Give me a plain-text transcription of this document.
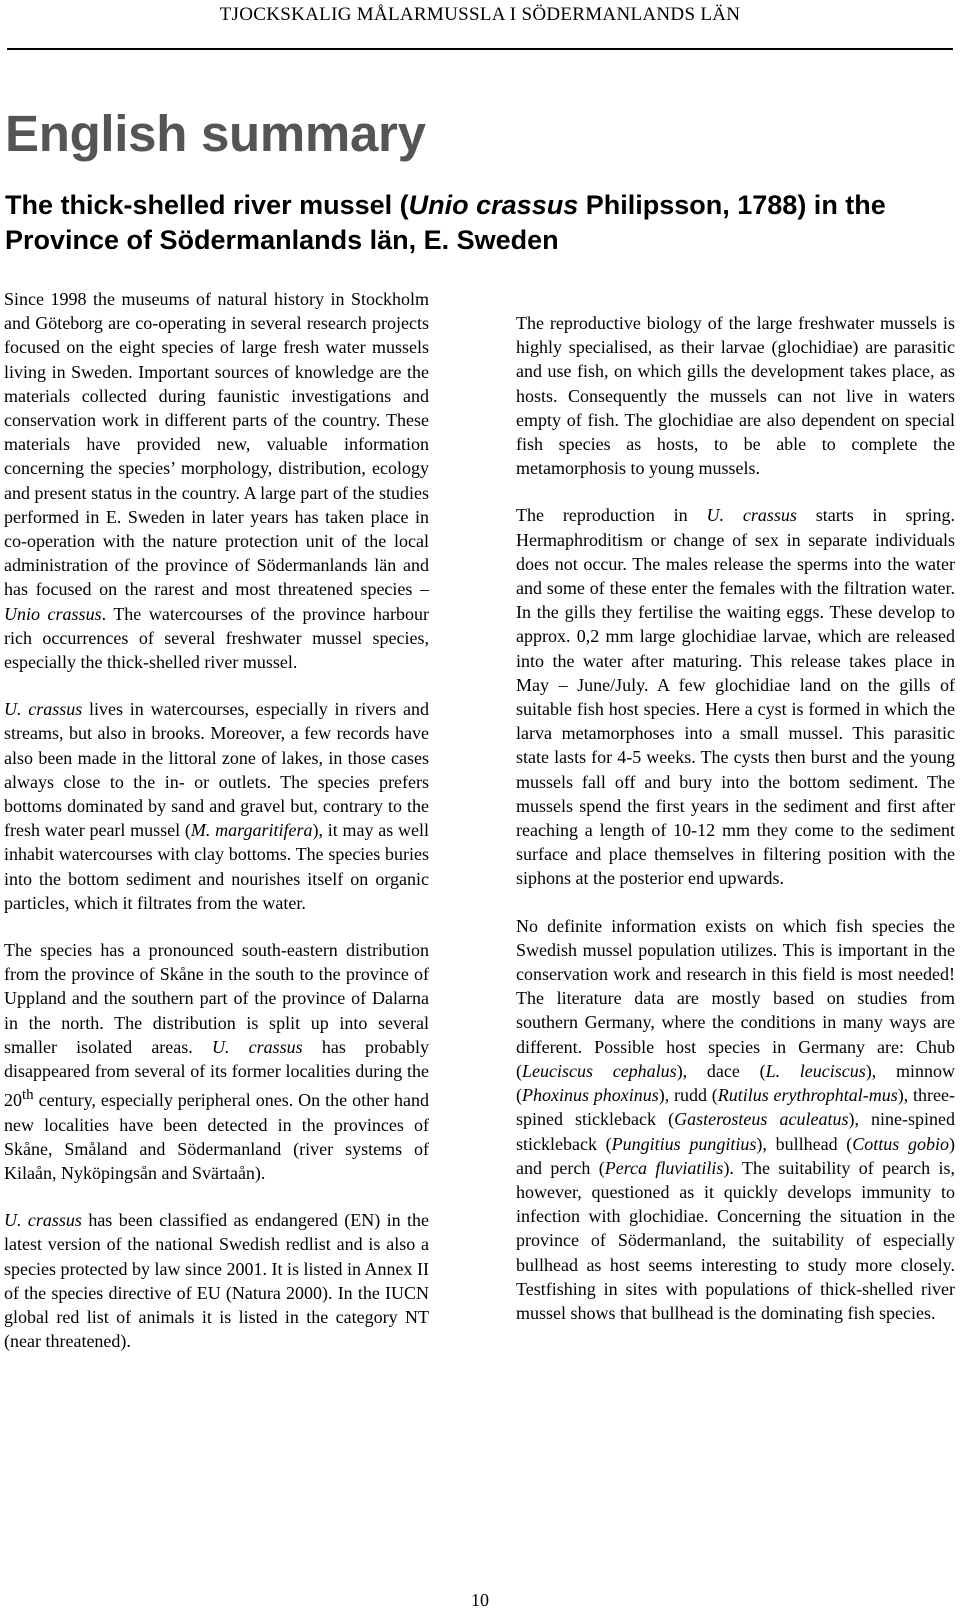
TJOCKSKALIG MÅLARMUSSLA I SÖDERMANLANDS LÄN
English summary
The thick-shelled river mussel (Unio crassus Philipsson, 1788) in the Province of Södermanlands län, E. Sweden

Since 1998 the museums of natural history in Stockholm and Göteborg are co-operating in several research projects focused on the eight species of large fresh water mussels living in Sweden. Important sources of knowledge are the materials collected during faunistic investigations and conservation work in different parts of the country. These materials have provided new, valuable information concerning the species’ morphology, distribution, ecology and present status in the country. A large part of the studies performed in E. Sweden in later years has taken place in co-operation with the nature protection unit of the local administration of the province of Södermanlands län and has focused on the rarest and most threatened species – Unio crassus. The watercourses of the province harbour rich occurrences of several freshwater mussel species, especially the thick-shelled river mussel.

U. crassus lives in watercourses, especially in rivers and streams, but also in brooks. Moreover, a few records have also been made in the littoral zone of lakes, in those cases always close to the in- or outlets. The species prefers bottoms dominated by sand and gravel but, contrary to the fresh water pearl mussel (M. margaritifera), it may as well inhabit watercourses with clay bottoms. The species buries into the bottom sediment and nourishes itself on organic particles, which it filtrates from the water.

The species has a pronounced south-eastern distribution from the province of Skåne in the south to the province of Uppland and the southern part of the province of Dalarna in the north. The distribution is split up into several smaller isolated areas. U. crassus has probably disappeared from several of its former localities during the 20th century, especially peripheral ones. On the other hand new localities have been detected in the provinces of Skåne, Småland and Södermanland (river systems of Kilaån, Nyköpingsån and Svärtaån).

U. crassus has been classified as endangered (EN) in the latest version of the national Swedish redlist and is also a species protected by law since 2001. It is listed in Annex II of the species directive of EU (Natura 2000). In the IUCN global red list of animals it is listed in the category NT (near threatened).

The reproductive biology of the large freshwater mussels is highly specialised, as their larvae (glochidiae) are parasitic and use fish, on which gills the development takes place, as hosts. Consequently the mussels can not live in waters empty of fish. The glochidiae are also dependent on special fish species as hosts, to be able to complete the metamorphosis to young mussels.

The reproduction in U. crassus starts in spring. Hermaphroditism or change of sex in separate individuals does not occur. The males release the sperms into the water and some of these enter the females with the filtration water. In the gills they fertilise the waiting eggs. These develop to approx. 0,2 mm large glochidiae larvae, which are released into the water after maturing. This release takes place in May – June/July. A few glochidiae land on the gills of suitable fish host species. Here a cyst is formed in which the larva metamorphoses into a small mussel. This parasitic state lasts for 4-5 weeks. The cysts then burst and the young mussels fall off and bury into the bottom sediment. The mussels spend the first years in the sediment and first after reaching a length of 10-12 mm they come to the sediment surface and place themselves in filtering position with the siphons at the posterior end upwards.

No definite information exists on which fish species the Swedish mussel population utilizes. This is important in the conservation work and research in this field is most needed! The literature data are mostly based on studies from southern Germany, where the conditions in many ways are different. Possible host species in Germany are: Chub (Leuciscus cephalus), dace (L. leuciscus), minnow (Phoxinus phoxinus), rudd (Rutilus erythrophtal-mus), three-spined stickleback (Gasterosteus aculeatus), nine-spined stickleback (Pungitius pungitius), bullhead (Cottus gobio) and perch (Perca fluviatilis). The suitability of pearch is, however, questioned as it quickly develops immunity to infection with glochidiae. Concerning the situation in the province of Södermanland, the suitability of especially bullhead as host seems interesting to study more closely. Testfishing in sites with populations of thick-shelled river mussel shows that bullhead is the dominating fish species.

10
